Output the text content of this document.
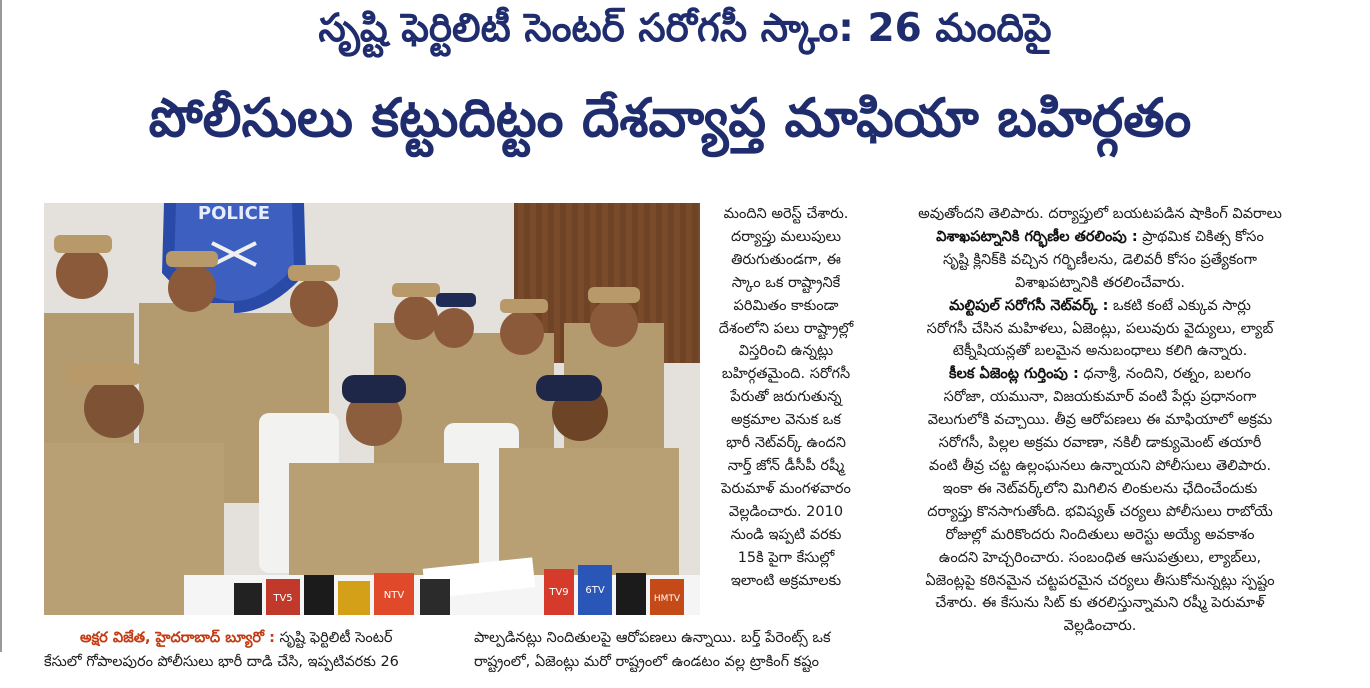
సృష్టి ఫెర్టిలిటీ సెంటర్ సరోగసీ స్కాం: 26 మందిపై
పోలీసులు కట్టుదిట్టం దేశవ్యాప్త మాఫియా బహిర్గతం
POLICE
TV5	NTV	TV9 6TV
HMTV

మందిని అరెస్ట్ చేశారు.

దర్యాప్తు మలుపులు

తిరుగుతుండగా, ఈ

స్కాం ఒక రాష్ట్రానికే

పరిమితం కాకుండా

దేశంలోని పలు రాష్ట్రాల్లో

విస్తరించి ఉన్నట్లు

బహిర్గతమైంది. సరోగసీ

పేరుతో జరుగుతున్న

అక్రమాల వెనుక ఒక

భారీ నెట్‌వర్క్ ఉందని

నార్త్ జోన్ డీసీపీ రష్మీ

పెరుమాళ్ మంగళవారం

వెల్లడించారు. 2010

నుండి ఇప్పటి వరకు

15కి పైగా కేసుల్లో

ఇలాంటి అక్రమాలకు

అవుతోందని తెలిపారు. దర్యాప్తులో బయటపడిన షాకింగ్ వివరాలు

విశాఖపట్నానికి గర్భిణీల తరలింపు : ప్రాథమిక చికిత్స కోసం

సృష్టి క్లినిక్‌కి వచ్చిన గర్భిణీలను, డెలివరీ కోసం ప్రత్యేకంగా

విశాఖపట్నానికి తరలించేవారు.

మల్టిపుల్ సరోగసీ నెట్‌వర్క్ : ఒకటి కంటే ఎక్కువ సార్లు

సరోగసీ చేసిన మహిళలు, ఏజెంట్లు, పలువురు వైద్యులు, ల్యాబ్

టెక్నీషియన్లతో బలమైన అనుబంధాలు కలిగి ఉన్నారు.

కీలక ఏజెంట్ల గుర్తింపు : ధనాశ్రీ, నందిని, రత్నం, బలగం

సరోజా, యమునా, విజయకుమార్ వంటి పేర్లు ప్రధానంగా

వెలుగులోకి వచ్చాయి. తీవ్ర ఆరోపణలు ఈ మాఫియాలో అక్రమ

సరోగసీ, పిల్లల అక్రమ రవాణా, నకిలీ డాక్యుమెంట్ తయారీ

వంటి తీవ్ర చట్ట ఉల్లంఘనలు ఉన్నాయని పోలీసులు తెలిపారు.

ఇంకా ఈ నెట్‌వర్క్‌లోని మిగిలిన లింకులను ఛేదించేందుకు

దర్యాప్తు కొనసాగుతోంది. భవిష్యత్ చర్యలు పోలీసులు రాబోయే

రోజుల్లో మరికొందరు నిందితులు అరెస్టు అయ్యే అవకాశం

ఉందని హెచ్చరించారు. సంబంధిత ఆసుపత్రులు, ల్యాబ్‌లు,

ఏజెంట్లపై కఠినమైన చట్టపరమైన చర్యలు తీసుకోనున్నట్లు స్పష్టం

చేశారు. ఈ కేసును సిట్ కు తరలిస్తున్నామని రష్మీ పెరుమాళ్

వెల్లడించారు.

అక్షర విజేత, హైదరాబాద్ బ్యూరో : సృష్టి ఫెర్టిలిటీ సెంటర్	పాల్పడినట్లు నిందితులపై ఆరోపణలు ఉన్నాయి. బర్త్ పేరెంట్స్ ఒక

కేసులో గోపాలపురం పోలీసులు భారీ దాడి చేసి, ఇప్పటివరకు 26	రాష్ట్రంలో, ఏజెంట్లు మరో రాష్ట్రంలో ఉండటం వల్ల ట్రాకింగ్ కష్టం
